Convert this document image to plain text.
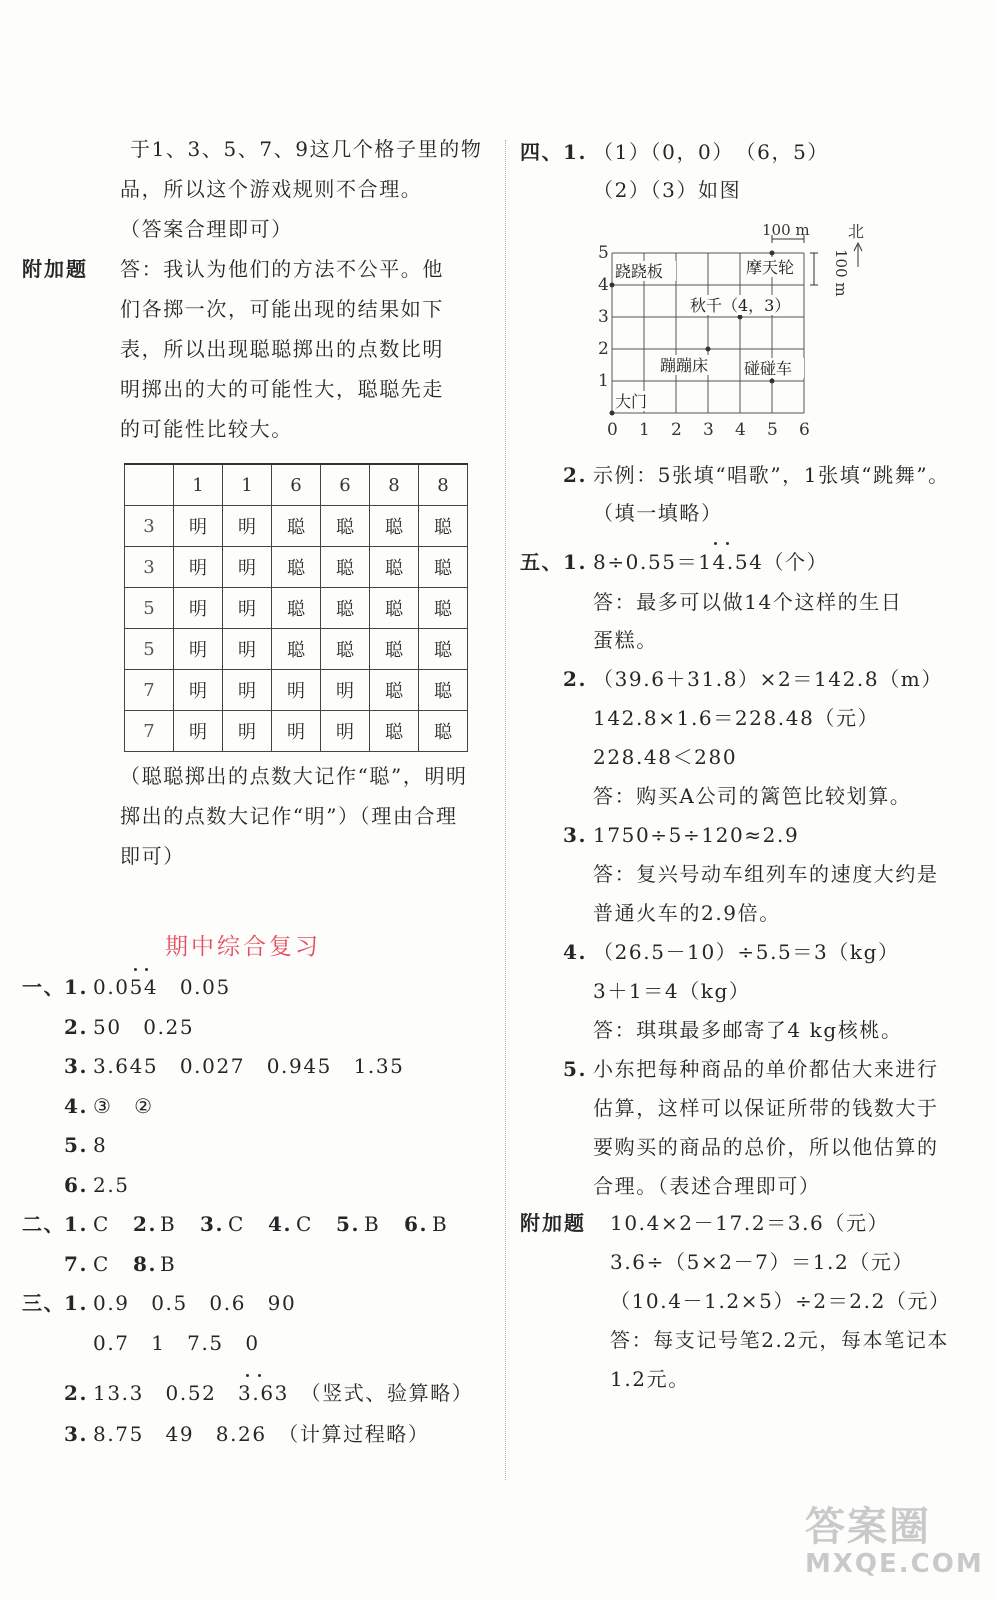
于1、3、5、7、9这几个格子里的物
品，所以这个游戏规则不合理。
（答案合理即可）
附加题 答：我认为他们的方法不公平。他
们各掷一次，可能出现的结果如下
表，所以出现聪聪掷出的点数比明
明掷出的大的可能性大，聪聪先走
的可能性比较大。
	1	1	6	6	8	8
3	明	明	聪	聪	聪	聪
3	明	明	聪	聪	聪	聪
5	明	明	聪	聪	聪	聪
5	明	明	聪	聪	聪	聪
7	明	明	明	明	聪	聪
7	明	明	明	明	聪	聪
（聪聪掷出的点数大记作“聪”，明明
掷出的点数大记作“明”）（理由合理
即可）
期中综合复习
一、
1. 0.054　0.05
2. 50　0.25
3. 3.645　0.027　0.945　1.35
4. ③　②
5. 8
6. 2.5
二、
1. C 2. B 3. C 4. C 5. B 6. B
7. C 8. B
三、
1. 0.9　0.5　0.6　90
0.7　1　7.5　0
2. 13.3　0.52　3.63　（竖式、验算略）
3. 8.75　49　8.26　（计算过程略）
四、 1. （1）（0，0）　（6，5）
（2）（3）如图
5
4
3
2
1
0 1 2 3 4 5 6
100 m 北
100 m
跷跷板	摩天轮
秋千（4，3）
蹦蹦床 碰碰车
大门
2. 示例：5张填“唱歌”，1张填“跳舞”。
（填一填略）
五、 1. 8÷0.55＝14.54（个）
答：最多可以做14个这样的生日
蛋糕。
2. （39.6＋31.8）×2＝142.8（m）
142.8×1.6＝228.48（元）
228.48＜280
答：购买A公司的篱笆比较划算。
3. 1750÷5÷120≈2.9
答：复兴号动车组列车的速度大约是
普通火车的2.9倍。
4. （26.5－10）÷5.5＝3（kg）
3＋1＝4（kg）
答：琪琪最多邮寄了4 kg核桃。
5. 小东把每种商品的单价都估大来进行
估算，这样可以保证所带的钱数大于
要购买的商品的总价，所以他估算的
合理。（表述合理即可）
附加题 10.4×2－17.2＝3.6（元）
3.6÷（5×2－7）＝1.2（元）
（10.4－1.2×5）÷2＝2.2（元）
答：每支记号笔2.2元，每本笔记本
1.2元。
答案圈
MXQE.COM
